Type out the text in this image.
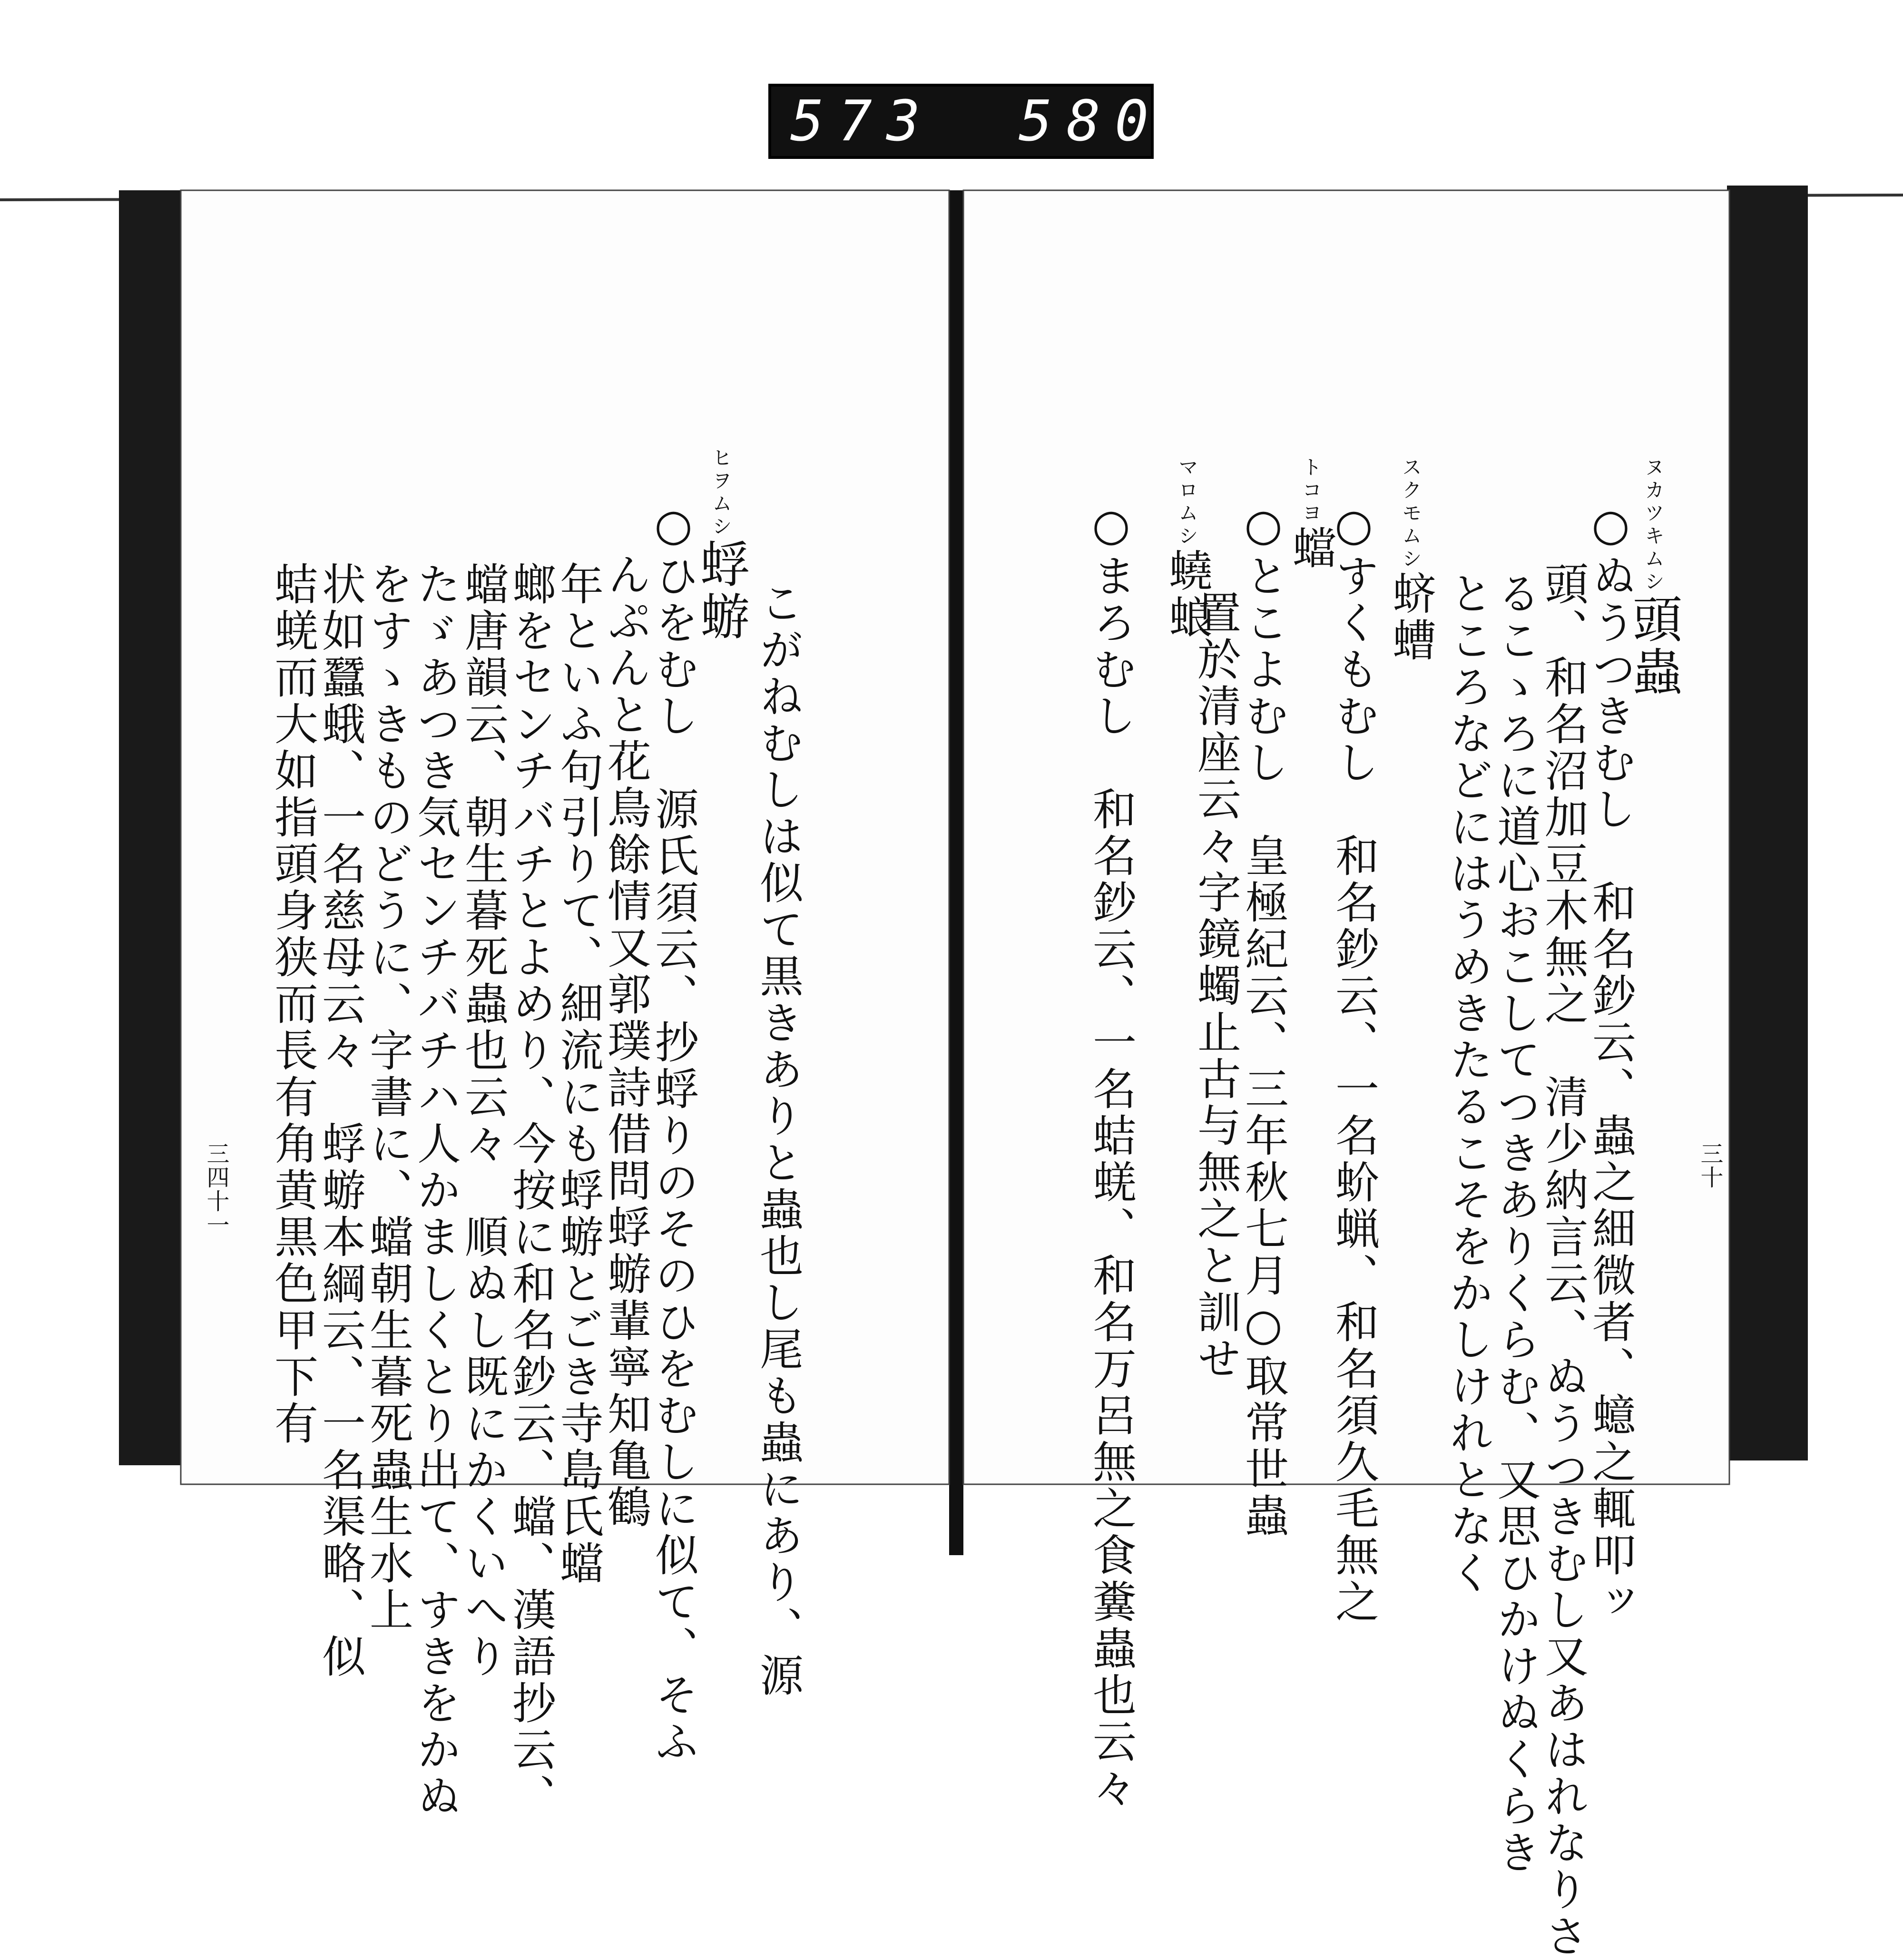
573 580
ヌカツキムシ頭蟲
○ぬうつきむし　和名鈔云、蟲之細微者、䗷之輒叩ッ
頭、和名沼加豆木無之　清少納言云、ぬうつきむし又あはれなりさ
るこゝろに道心おこしてつきありくらむ、又思ひかけぬくらき
ところなどにはうめきたるこそをかしけれとなく
スクモムシ蛴螬
○すくもむし　和名鈔云、一名蚧蝋、和名須久毛無之
トコヨ蟷
○とこよむし　皇極紀云、三年秋七月○取常世蟲
置於清座云々字鏡蠋止古与無之と訓せ
マロムシ蟯蜋
○まろむし　和名鈔云、一名蛣蜣、和名万呂無之食糞蟲也云々	三十
こがねむしは似て黒きありと蟲也し尾も蟲にあり、源
ヒヲムシ蜉蝣
○ひをむし　源氏須云、抄蜉りのそのひをむしに似て、そふ
んぷんと花鳥餘情又郭璞詩借問蜉蝣輩寧知亀鶴
年といふ句引りて、細流にも蜉蝣とごき寺島氏蟷
螂をセンチバチとよめり、今按に和名鈔云、蟷、漢語抄云、
蟷唐韻云、朝生暮死蟲也云々　順ぬし既にかくいへり
たゞあつき気センチバチハ人かましくとり出て、すきをかぬ
をすゝきものどうに、字書に、蟷朝生暮死蟲生水上
状如蠶蛾、一名慈母云々　蜉蝣本綱云、一名渠略、似
蛣蜣而大如指頭身狭而長有角黄黒色甲下有
三四十一
